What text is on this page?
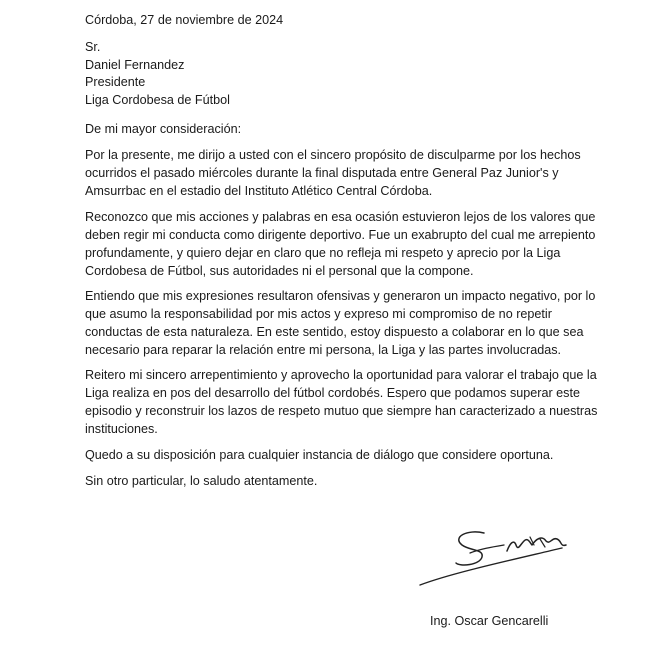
Córdoba, 27 de noviembre de 2024
Sr.
Daniel Fernandez
Presidente
Liga Cordobesa de Fútbol
De mi mayor consideración:
Por la presente, me dirijo a usted con el sincero propósito de disculparme por los hechos ocurridos el pasado miércoles durante la final disputada entre General Paz Junior's y Amsurrbac en el estadio del Instituto Atlético Central Córdoba.
Reconozco que mis acciones y palabras en esa ocasión estuvieron lejos de los valores que deben regir mi conducta como dirigente deportivo. Fue un exabrupto del cual me arrepiento profundamente, y quiero dejar en claro que no refleja mi respeto y aprecio por la Liga Cordobesa de Fútbol, sus autoridades ni el personal que la compone.
Entiendo que mis expresiones resultaron ofensivas y generaron un impacto negativo, por lo que asumo la responsabilidad por mis actos y expreso mi compromiso de no repetir conductas de esta naturaleza. En este sentido, estoy dispuesto a colaborar en lo que sea necesario para reparar la relación entre mi persona, la Liga y las partes involucradas.
Reitero mi sincero arrepentimiento y aprovecho la oportunidad para valorar el trabajo que la Liga realiza en pos del desarrollo del fútbol cordobés. Espero que podamos superar este episodio y reconstruir los lazos de respeto mutuo que siempre han caracterizado a nuestras instituciones.
Quedo a su disposición para cualquier instancia de diálogo que considere oportuna.
Sin otro particular, lo saludo atentamente.
Ing. Oscar Gencarelli
